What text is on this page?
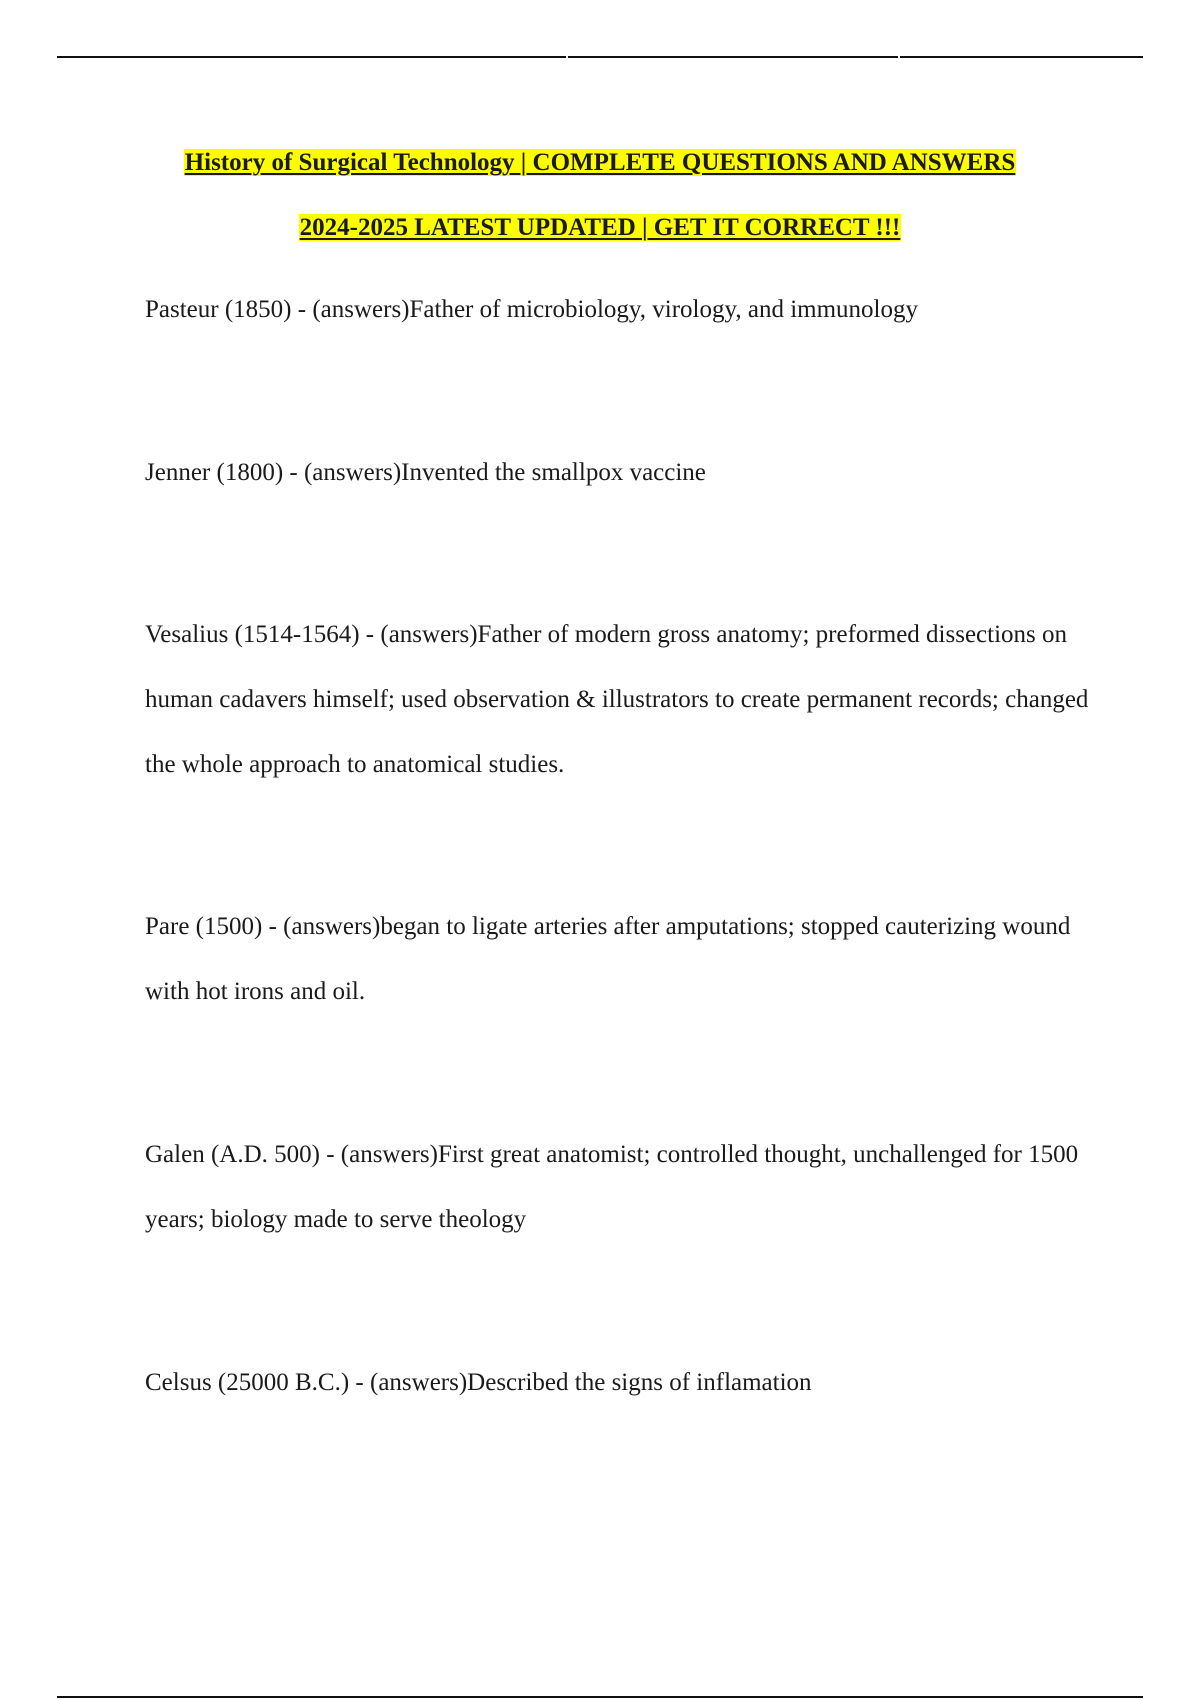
History of Surgical Technology | COMPLETE QUESTIONS AND ANSWERS

2024-2025 LATEST UPDATED | GET IT CORRECT !!!

Pasteur (1850) - (answers)Father of microbiology, virology, and immunology

Jenner (1800) - (answers)Invented the smallpox vaccine

Vesalius (1514-1564) - (answers)Father of modern gross anatomy; preformed dissections on human cadavers himself; used observation & illustrators to create permanent records; changed the whole approach to anatomical studies.

Pare (1500) - (answers)began to ligate arteries after amputations; stopped cauterizing wound with hot irons and oil.

Galen (A.D. 500) - (answers)First great anatomist; controlled thought, unchallenged for 1500 years; biology made to serve theology

Celsus (25000 B.C.) - (answers)Described the signs of inflamation
